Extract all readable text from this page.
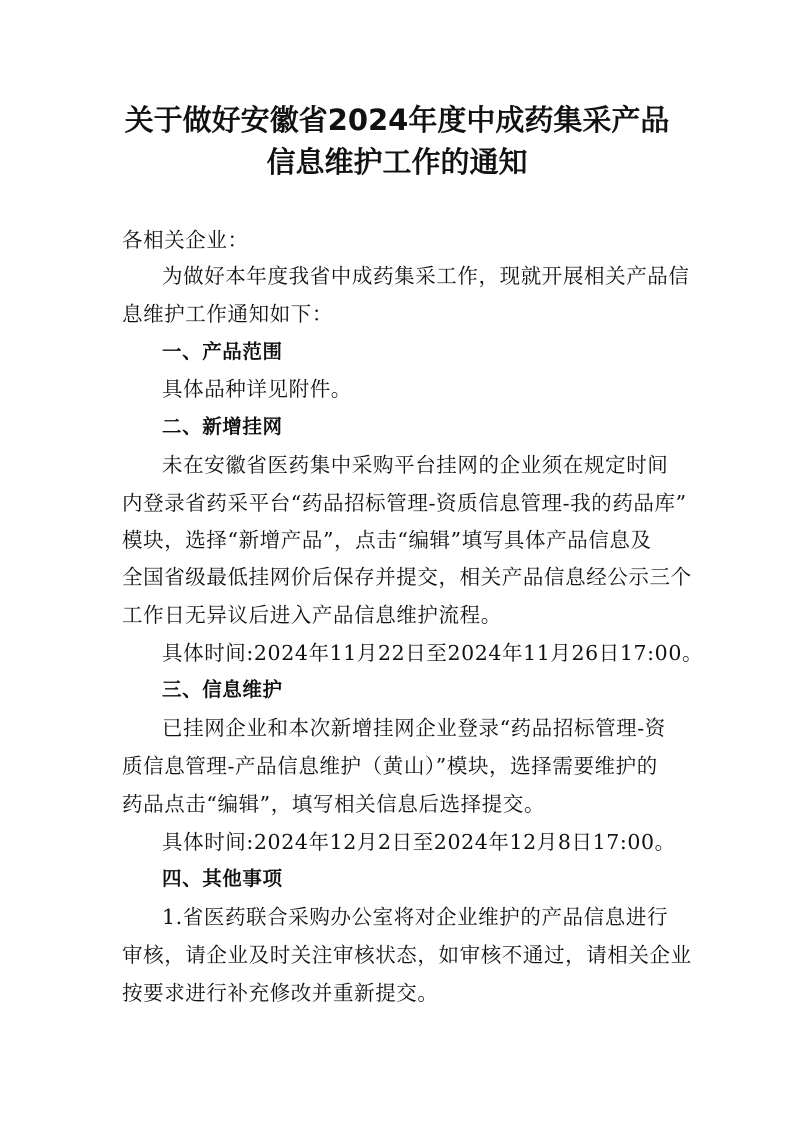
关于做好安徽省2024年度中成药集采产品
信息维护工作的通知

各相关企业：

为做好本年度我省中成药集采工作，现就开展相关产品信

息维护工作通知如下：

一、产品范围

具体品种详见附件。

二、新增挂网

未在安徽省医药集中采购平台挂网的企业须在规定时间

内登录省药采平台“药品招标管理-资质信息管理-我的药品库”

模块，选择“新增产品”，点击“编辑”填写具体产品信息及

全国省级最低挂网价后保存并提交，相关产品信息经公示三个

工作日无异议后进入产品信息维护流程。

具体时间:2024年11月22日至2024年11月26日17:00。

三、信息维护

已挂网企业和本次新增挂网企业登录“药品招标管理-资

质信息管理-产品信息维护（黄山）”模块，选择需要维护的

药品点击“编辑”，填写相关信息后选择提交。

具体时间:2024年12月2日至2024年12月8日17:00。

四、其他事项

1.省医药联合采购办公室将对企业维护的产品信息进行

审核，请企业及时关注审核状态，如审核不通过，请相关企业

按要求进行补充修改并重新提交。
